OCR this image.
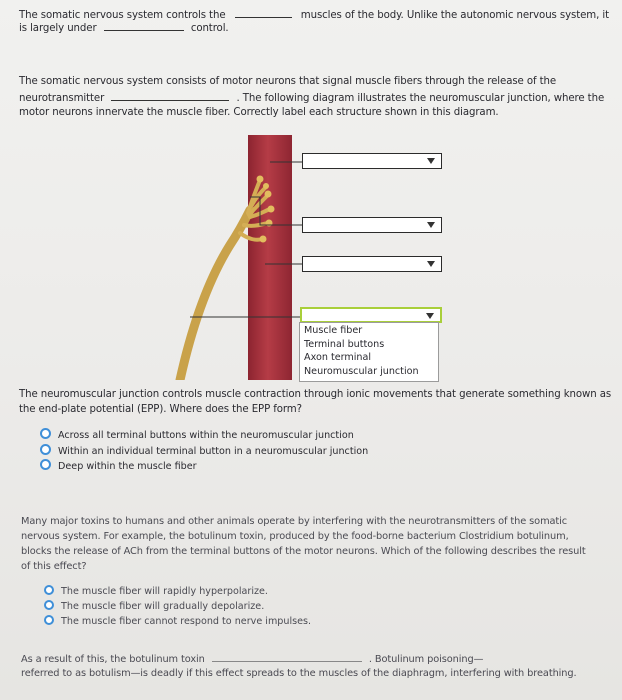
The somatic nervous system controls the	muscles of the body. Unlike the autonomic nervous system, it
is largely under	control.
The somatic nervous system consists of motor neurons that signal muscle fibers through the release of the
neurotransmitter	. The following diagram illustrates the neuromuscular junction, where the
motor neurons innervate the muscle fiber. Correctly label each structure shown in this diagram.
Muscle fiber
Terminal buttons
Axon terminal
Neuromuscular junction
The neuromuscular junction controls muscle contraction through ionic movements that generate something known as
the end-plate potential (EPP). Where does the EPP form?
Across all terminal buttons within the neuromuscular junction
Within an individual terminal button in a neuromuscular junction
Deep within the muscle fiber
Many major toxins to humans and other animals operate by interfering with the neurotransmitters of the somatic
nervous system. For example, the botulinum toxin, produced by the food-borne bacterium Clostridium botulinum,
blocks the release of ACh from the terminal buttons of the motor neurons. Which of the following describes the result
of this effect?
The muscle fiber will rapidly hyperpolarize.
The muscle fiber will gradually depolarize.
The muscle fiber cannot respond to nerve impulses.
As a result of this, the botulinum toxin	. Botulinum poisoning—
referred to as botulism—is deadly if this effect spreads to the muscles of the diaphragm, interfering with breathing.
